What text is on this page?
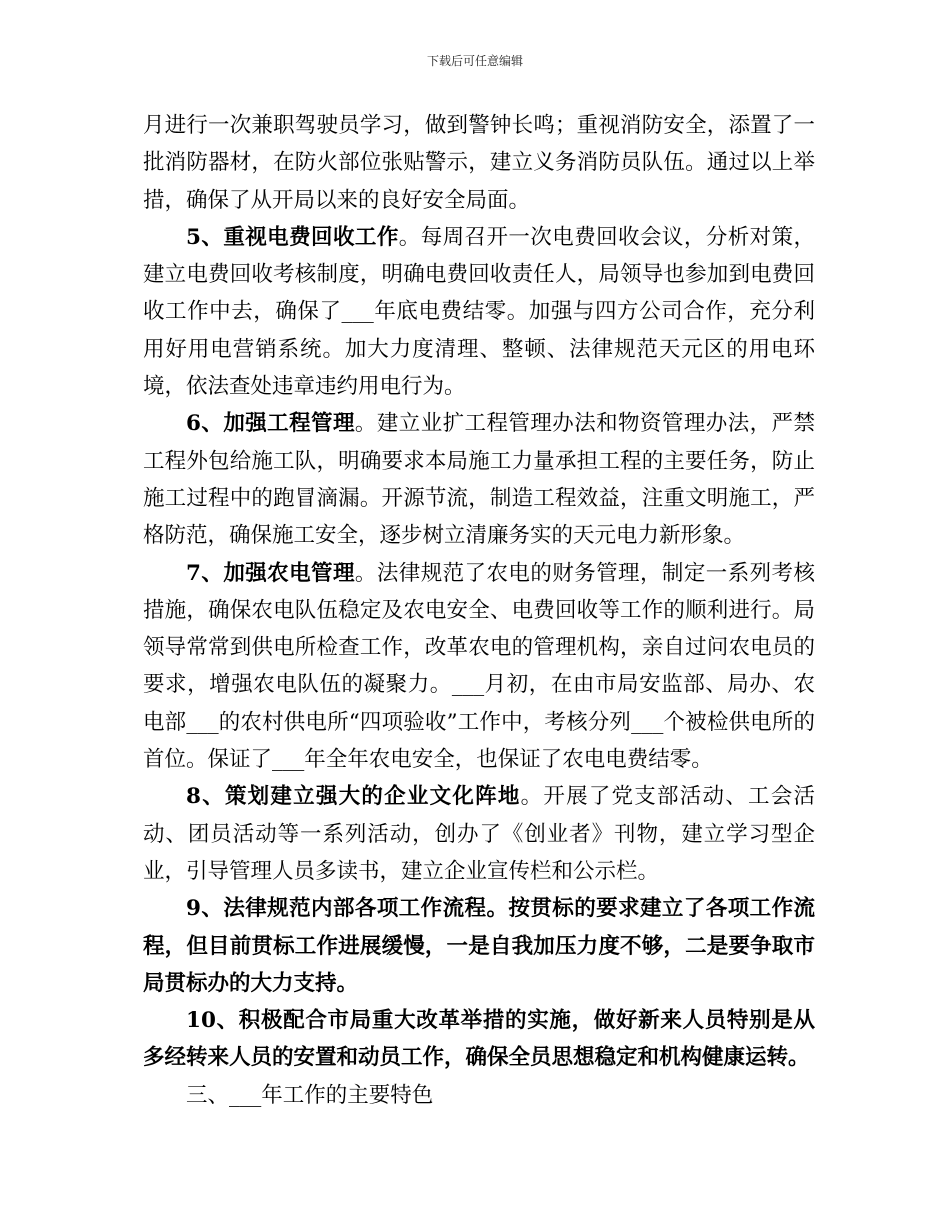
下载后可任意编辑

月进行一次兼职驾驶员学习，做到警钟长鸣；重视消防安全，添置了一批消防器材，在防火部位张贴警示，建立义务消防员队伍。通过以上举措，确保了从开局以来的良好安全局面。

5、重视电费回收工作。每周召开一次电费回收会议，分析对策，建立电费回收考核制度，明确电费回收责任人，局领导也参加到电费回收工作中去，确保了___年底电费结零。加强与四方公司合作，充分利用好用电营销系统。加大力度清理、整顿、法律规范天元区的用电环境，依法查处违章违约用电行为。

6、加强工程管理。建立业扩工程管理办法和物资管理办法，严禁工程外包给施工队，明确要求本局施工力量承担工程的主要任务，防止施工过程中的跑冒滴漏。开源节流，制造工程效益，注重文明施工，严格防范，确保施工安全，逐步树立清廉务实的天元电力新形象。

7、加强农电管理。法律规范了农电的财务管理，制定一系列考核措施，确保农电队伍稳定及农电安全、电费回收等工作的顺利进行。局领导常常到供电所检查工作，改革农电的管理机构，亲自过问农电员的要求，增强农电队伍的凝聚力。___月初，在由市局安监部、局办、农电部___的农村供电所“四项验收”工作中，考核分列___个被检供电所的首位。保证了___年全年农电安全，也保证了农电电费结零。

8、策划建立强大的企业文化阵地。开展了党支部活动、工会活动、团员活动等一系列活动，创办了《创业者》刊物，建立学习型企业，引导管理人员多读书，建立企业宣传栏和公示栏。

9、法律规范内部各项工作流程。按贯标的要求建立了各项工作流程，但目前贯标工作进展缓慢，一是自我加压力度不够，二是要争取市局贯标办的大力支持。

10、积极配合市局重大改革举措的实施，做好新来人员特别是从多经转来人员的安置和动员工作，确保全员思想稳定和机构健康运转。

三、___年工作的主要特色
